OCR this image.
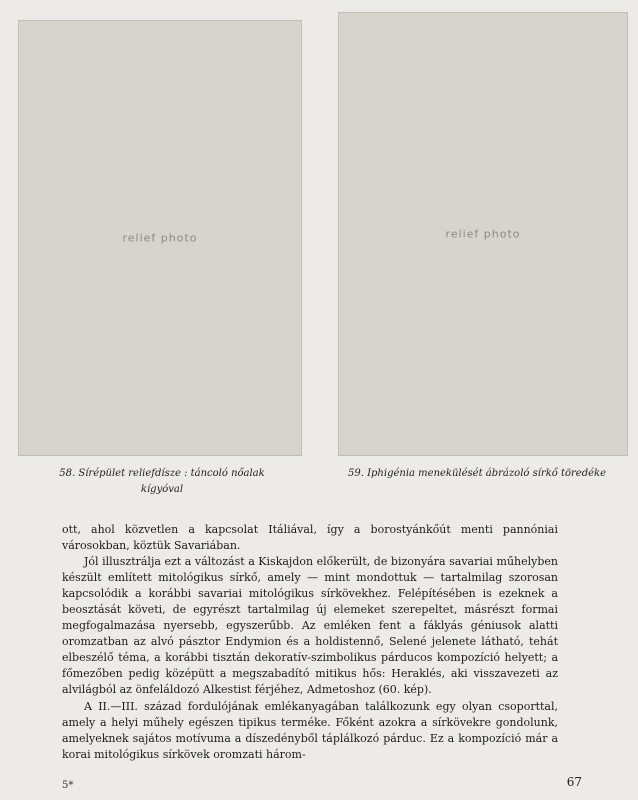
relief photo	relief photo
58. Sírépület reliefdísze : táncoló nőalak kígyóval
59. Iphigénia menekülését ábrázoló sírkő töredéke

ott, ahol közvetlen a kapcsolat Itáliával, így a borostyánkőút menti pannóniai városokban, köztük Savariában.

Jól illusztrálja ezt a változást a Kiskajdon előkerült, de bizonyára savariai műhelyben készült említett mitológikus sírkő, amely — mint mondottuk — tartalmilag szorosan kapcsolódik a korábbi savariai mitológikus sírkövekhez. Felépítésében is ezeknek a beosztását követi, de egyrészt tartalmilag új elemeket szerepeltet, másrészt formai megfogalmazása nyersebb, egyszerűbb. Az emléken fent a fáklyás géniusok alatti oromzatban az alvó pásztor Endymion és a holdistennő, Selené jelenete látható, tehát elbeszélő téma, a korábbi tisztán dekoratív-szimbolikus párducos kompozíció helyett; a főmezőben pedig középütt a megszabadító mitikus hős: Heraklés, aki visszavezeti az alvilágból az önfeláldozó Alkestist férjéhez, Admetoshoz (60. kép).

A II.—III. század fordulójának emlékanyagában találkozunk egy olyan csoporttal, amely a helyi műhely egészen tipikus terméke. Főként azokra a sírkövekre gondolunk, amelyeknek sajátos motívuma a díszedényből táplálkozó párduc. Ez a kompozíció már a korai mitológikus sírkövek oromzati három-

5*	67
